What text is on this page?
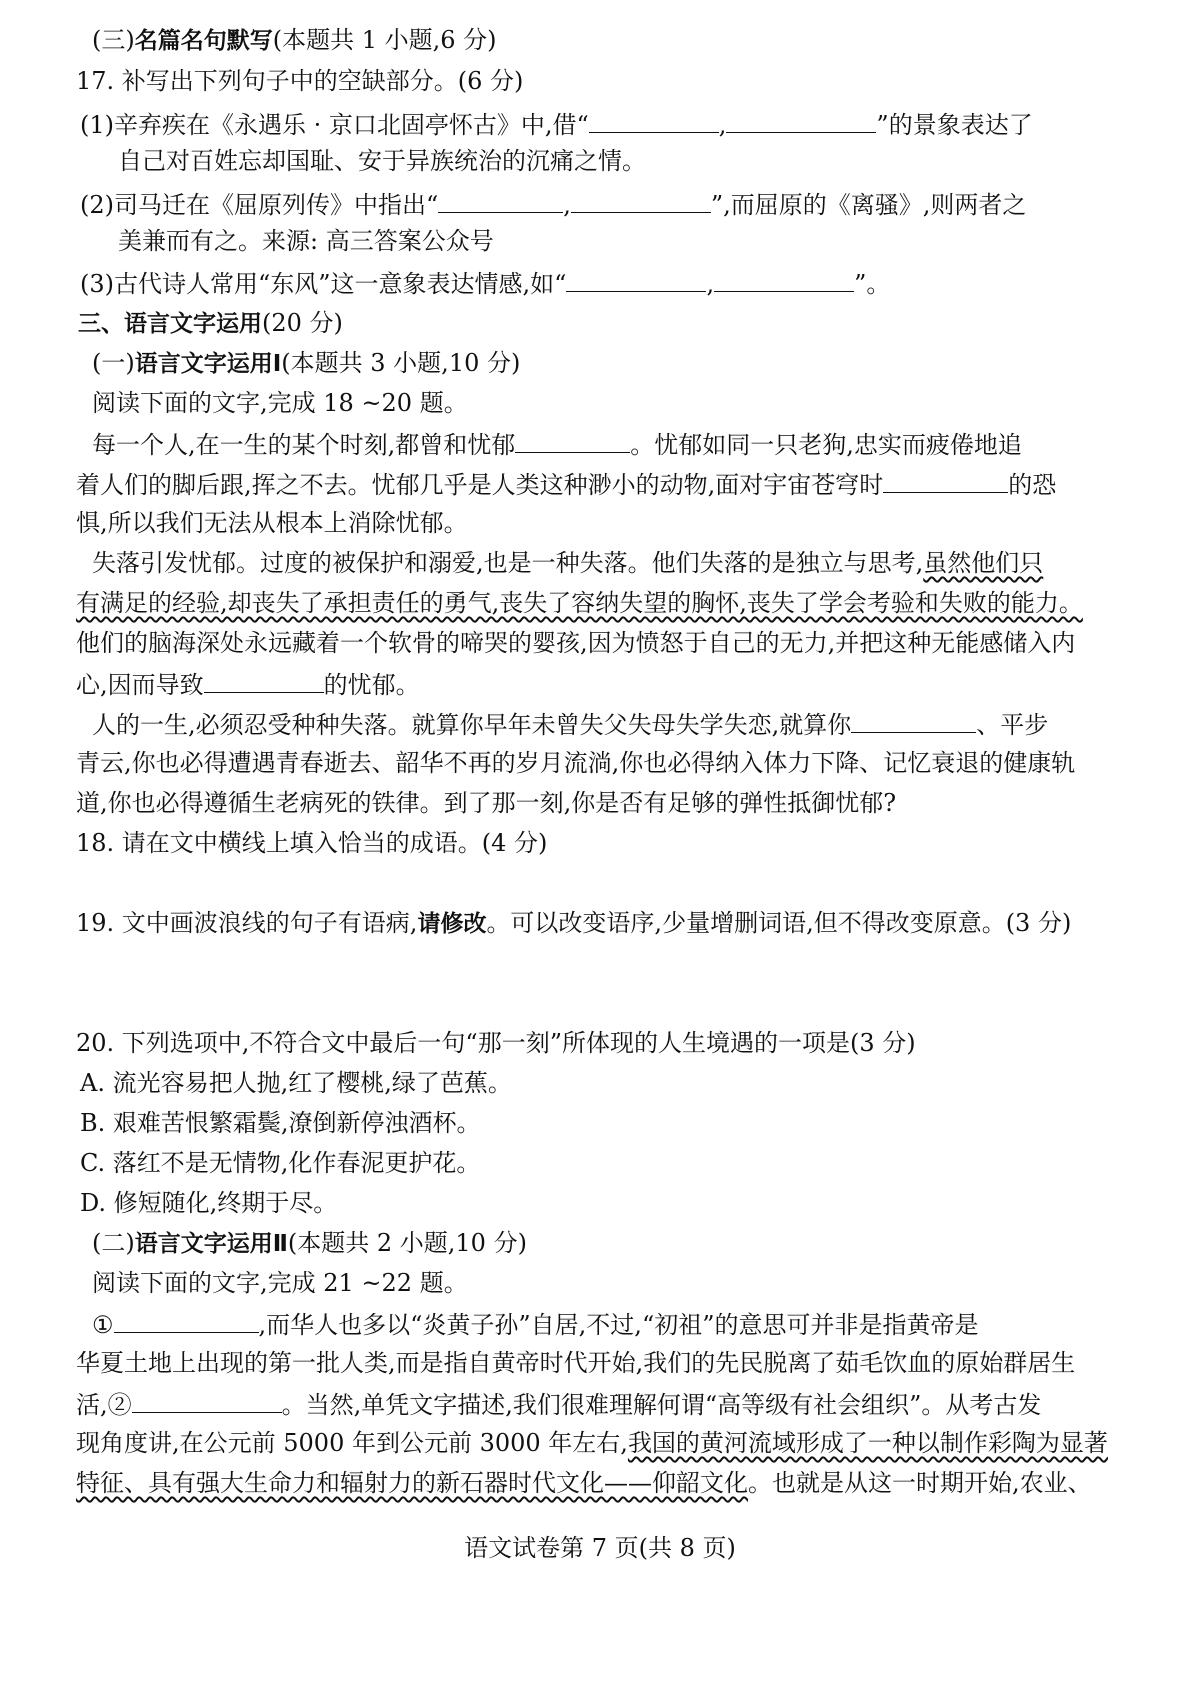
(三)名篇名句默写(本题共 1 小题,6 分)
17. 补写出下列句子中的空缺部分。(6 分)
(1)辛弃疾在《永遇乐 · 京口北固亭怀古》中,借“	,	”的景象表达了
自己对百姓忘却国耻、安于异族统治的沉痛之情。
(2)司马迁在《屈原列传》中指出“	,	”,而屈原的《离骚》,则两者之
美兼而有之。来源: 高三答案公众号
(3)古代诗人常用“东风”这一意象表达情感,如“	,	”。
三、语言文字运用(20 分)
(一)语言文字运用Ⅰ(本题共 3 小题,10 分)
阅读下面的文字,完成 18 ~20 题。
每一个人,在一生的某个时刻,都曾和忧郁	。忧郁如同一只老狗,忠实而疲倦地追
着人们的脚后跟,挥之不去。忧郁几乎是人类这种渺小的动物,面对宇宙苍穹时	的恐
惧,所以我们无法从根本上消除忧郁。
失落引发忧郁。过度的被保护和溺爱,也是一种失落。他们失落的是独立与思考,虽然他们只
有满足的经验,却丧失了承担责任的勇气,丧失了容纳失望的胸怀,丧失了学会考验和失败的能力。
他们的脑海深处永远藏着一个软骨的啼哭的婴孩,因为愤怒于自己的无力,并把这种无能感储入内
心,因而导致	的忧郁。
人的一生,必须忍受种种失落。就算你早年未曾失父失母失学失恋,就算你	、平步
青云,你也必得遭遇青春逝去、韶华不再的岁月流淌,你也必得纳入体力下降、记忆衰退的健康轨
道,你也必得遵循生老病死的铁律。到了那一刻,你是否有足够的弹性抵御忧郁?
18. 请在文中横线上填入恰当的成语。(4 分)
19. 文中画波浪线的句子有语病,请修改。可以改变语序,少量增删词语,但不得改变原意。(3 分)
20. 下列选项中,不符合文中最后一句“那一刻”所体现的人生境遇的一项是(3 分)
A. 流光容易把人抛,红了樱桃,绿了芭蕉。
B. 艰难苦恨繁霜鬓,潦倒新停浊酒杯。
C. 落红不是无情物,化作春泥更护花。
D. 修短随化,终期于尽。
(二)语言文字运用Ⅱ(本题共 2 小题,10 分)
阅读下面的文字,完成 21 ~22 题。
①	,而华人也多以“炎黄子孙”自居,不过,“初祖”的意思可并非是指黄帝是
华夏土地上出现的第一批人类,而是指自黄帝时代开始,我们的先民脱离了茹毛饮血的原始群居生
活,②	。当然,单凭文字描述,我们很难理解何谓“高等级有社会组织”。从考古发
现角度讲,在公元前 5000 年到公元前 3000 年左右,我国的黄河流域形成了一种以制作彩陶为显著
特征、具有强大生命力和辐射力的新石器时代文化——仰韶文化。也就是从这一时期开始,农业、
语文试卷第 7 页(共 8 页)
